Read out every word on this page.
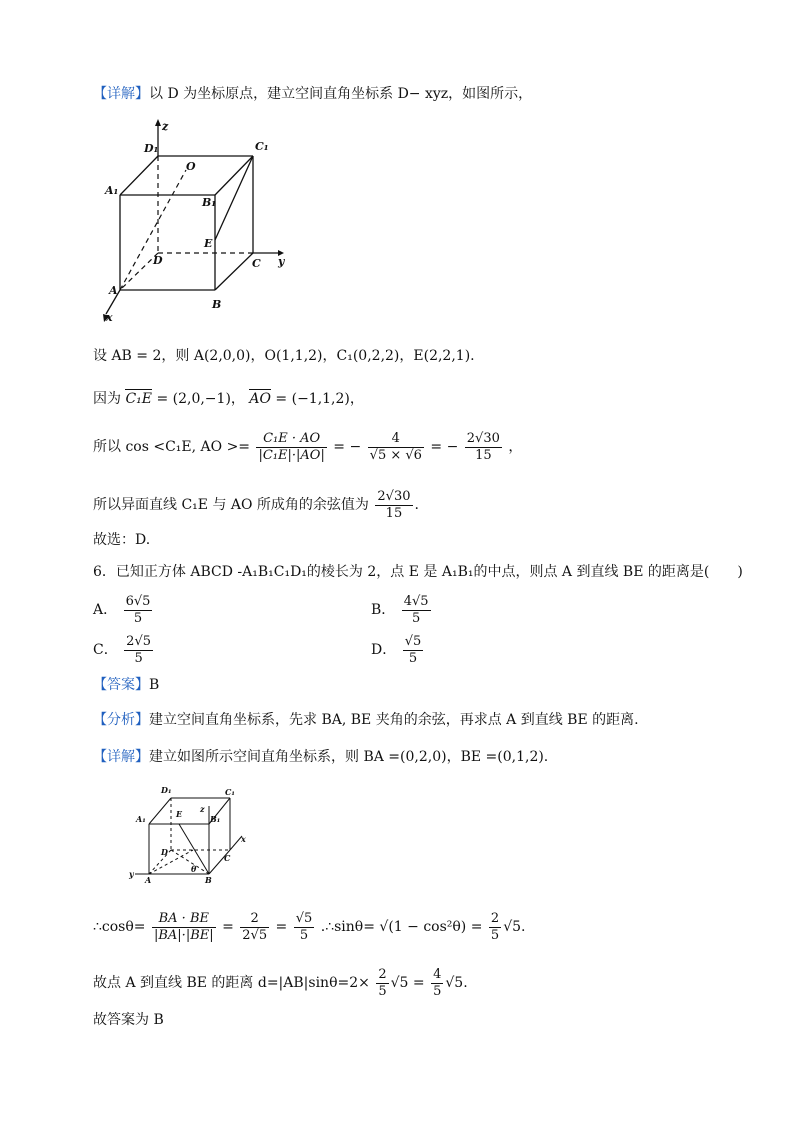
【详解】以 D 为坐标原点，建立空间直角坐标系 D− xyz，如图所示，
z
y
x
D₁	C₁
A₁
B₁
O
E
D	C
A
B
设 AB = 2，则 A(2,0,0)，O(1,1,2)，C₁(0,2,2)，E(2,2,1).
因为 C₁E = (2,0,−1)， AO = (−1,1,2)，
所以 cos <C₁E, AO >= $\frac{\text{C₁E · AO}}{\text{|C₁E|·|AO|}}$ = − $\frac{4}{√5 \times √6}$ = − $\frac{2√30}{15}$ ，
所以异面直线 C₁E 与 AO 所成角的余弦值为 $\frac{2√30}{15}$ .
故选：D.
6．已知正方体 ABCD -A₁B₁C₁D₁的棱长为 2，点 E 是 A₁B₁的中点，则点 A 到直线 BE 的距离是(　　)
A． $\frac{6√5}{5}$	B． $\frac{4√5}{5}$
C． $\frac{2√5}{5}$	D． $\frac{√5}{5}$
【答案】B
【分析】建立空间直角坐标系，先求 BA, BE 夹角的余弦，再求点 A 到直线 BE 的距离.
【详解】建立如图所示空间直角坐标系，则 BA =(0,2,0)，BE =(0,1,2).
D₁	C₁
A₁	E z
B₁
x
D
C
y
A	B
θ
∴cosθ= $\frac{BA \cdot BE}{|BA|\cdot|BE|} = \frac{2}{2√5} = \frac{√5}{5}$ .∴sinθ= $√(1 - \cos^2\theta) = \frac{2}{5} √5$.
故点 A 到直线 BE 的距离 $d=|AB|\sin\theta=2\times \frac{2}{5} √5 = \frac{4}{5} √5$.
故答案为 B
